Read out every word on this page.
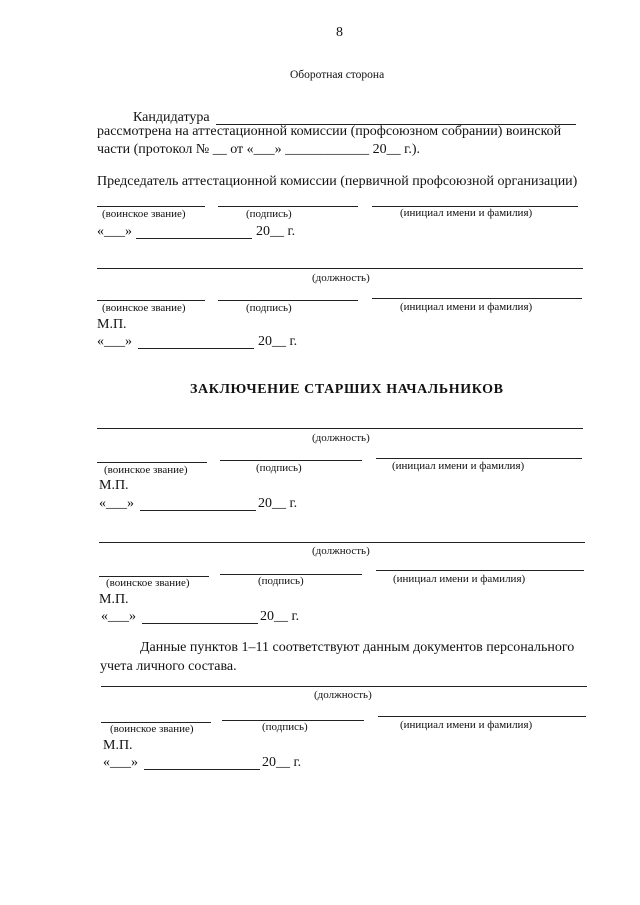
8
Оборотная сторона
Кандидатура
рассмотрена на аттестационной комиссии (профсоюзном собрании) воинской
части (протокол № __ от «___» ____________ 20__ г.).
Председатель аттестационной комиссии (первичной профсоюзной организации)
(воинское звание)	(подпись)	(инициал имени и фамилия)
«___»	20__ г.
(должность)
(воинское звание)	(подпись)	(инициал имени и фамилия)
М.П.
«___»	20__ г.
ЗАКЛЮЧЕНИЕ СТАРШИХ НАЧАЛЬНИКОВ
(должность)
(воинское звание)	(подпись)	(инициал имени и фамилия)
М.П.
«___»	20__ г.
(должность)
(воинское звание)	(подпись)	(инициал имени и фамилия)
М.П.
«___»	20__ г.
Данные пунктов 1–11 соответствуют данным документов персонального
учета личного состава.
(должность)
(воинское звание)	(подпись)	(инициал имени и фамилия)
М.П.
«___»	20__ г.
